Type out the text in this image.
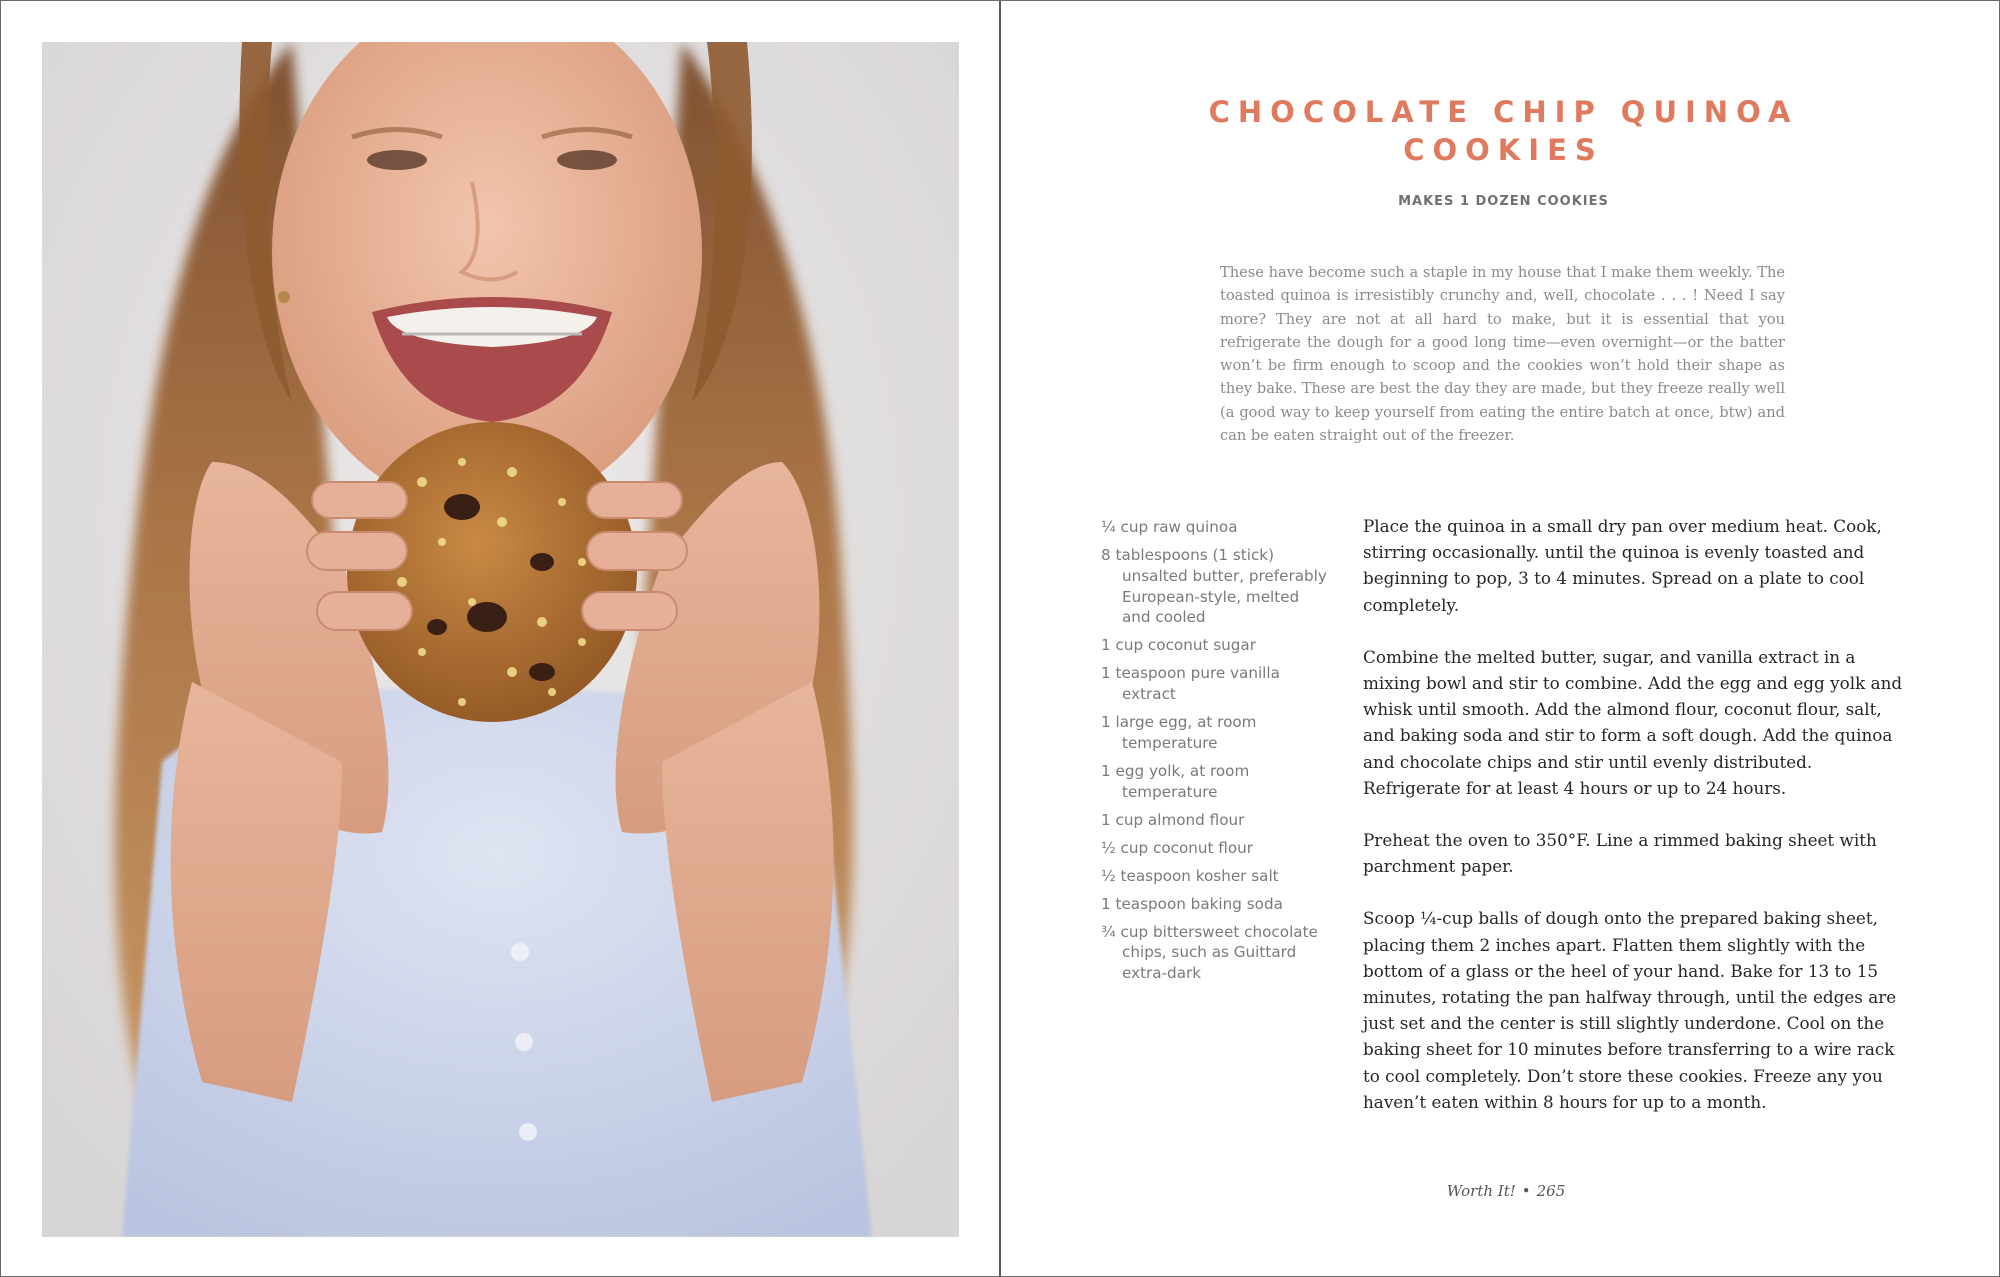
CHOCOLATE CHIP QUINOA COOKIES
MAKES 1 DOZEN COOKIES

These have become such a staple in my house that I make them weekly. The toasted quinoa is irresistibly crunchy and, well, chocolate . . . ! Need I say more? They are not at all hard to make, but it is essential that you refrigerate the dough for a good long time—even overnight—or the batter won’t be firm enough to scoop and the cookies won’t hold their shape as they bake. These are best the day they are made, but they freeze really well (a good way to keep yourself from eating the entire batch at once, btw) and can be eaten straight out of the freezer.

¼ cup raw quinoa
8 tablespoons (1 stick) unsalted butter, preferably European-style, melted and cooled
1 cup coconut sugar
1 teaspoon pure vanilla extract
1 large egg, at room temperature
1 egg yolk, at room temperature
1 cup almond flour
½ cup coconut flour
½ teaspoon kosher salt
1 teaspoon baking soda
¾ cup bittersweet chocolate chips, such as Guittard extra-dark

Place the quinoa in a small dry pan over medium heat. Cook, stirring occasionally. until the quinoa is evenly toasted and beginning to pop, 3 to 4 minutes. Spread on a plate to cool completely.

Combine the melted butter, sugar, and vanilla extract in a mixing bowl and stir to combine. Add the egg and egg yolk and whisk until smooth. Add the almond flour, coconut flour, salt, and baking soda and stir to form a soft dough. Add the quinoa and chocolate chips and stir until evenly distributed. Refrigerate for at least 4 hours or up to 24 hours.

Preheat the oven to 350°F. Line a rimmed baking sheet with parchment paper.

Scoop ¼-cup balls of dough onto the prepared baking sheet, placing them 2 inches apart. Flatten them slightly with the bottom of a glass or the heel of your hand. Bake for 13 to 15 minutes, rotating the pan halfway through, until the edges are just set and the center is still slightly underdone. Cool on the baking sheet for 10 minutes before transferring to a wire rack to cool completely. Don’t store these cookies. Freeze any you haven’t eaten within 8 hours for up to a month.

Worth It! • 265
